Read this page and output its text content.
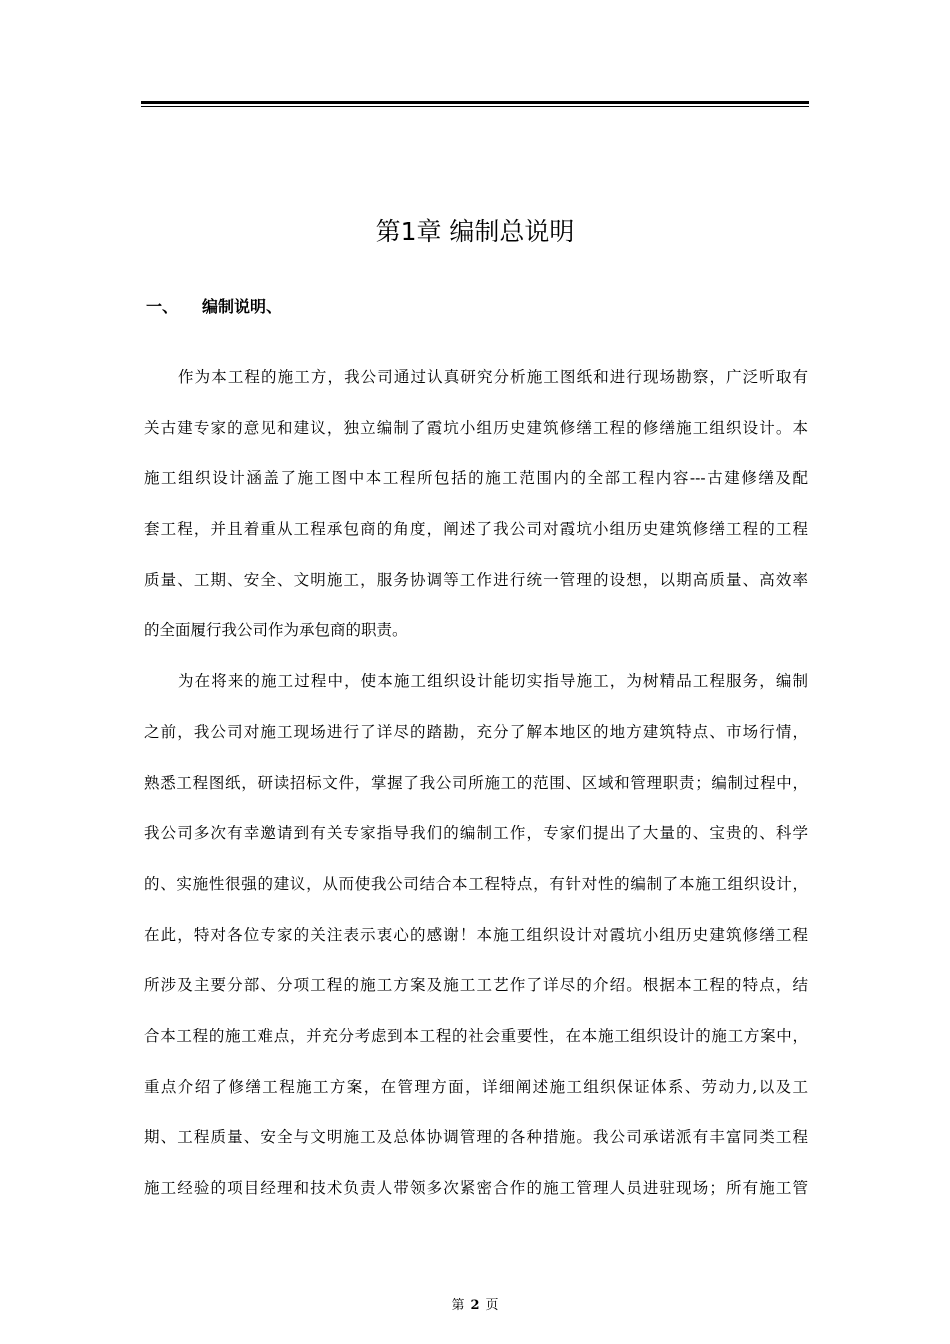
第1章 编制总说明
一、 编制说明、
作为本工程的施工方，我公司通过认真研究分析施工图纸和进行现场勘察，广泛听取有
关古建专家的意见和建议，独立编制了霞坑小组历史建筑修缮工程的修缮施工组织设计。本
施工组织设计涵盖了施工图中本工程所包括的施工范围内的全部工程内容---古建修缮及配
套工程，并且着重从工程承包商的角度，阐述了我公司对霞坑小组历史建筑修缮工程的工程
质量、工期、安全、文明施工，服务协调等工作进行统一管理的设想，以期高质量、高效率
的全面履行我公司作为承包商的职责。
为在将来的施工过程中，使本施工组织设计能切实指导施工，为树精品工程服务，编制
之前，我公司对施工现场进行了详尽的踏勘，充分了解本地区的地方建筑特点、市场行情，
熟悉工程图纸，研读招标文件，掌握了我公司所施工的范围、区域和管理职责；编制过程中，
我公司多次有幸邀请到有关专家指导我们的编制工作，专家们提出了大量的、宝贵的、科学
的、实施性很强的建议，从而使我公司结合本工程特点，有针对性的编制了本施工组织设计，
在此，特对各位专家的关注表示衷心的感谢！本施工组织设计对霞坑小组历史建筑修缮工程
所涉及主要分部、分项工程的施工方案及施工工艺作了详尽的介绍。根据本工程的特点，结
合本工程的施工难点，并充分考虑到本工程的社会重要性，在本施工组织设计的施工方案中，
重点介绍了修缮工程施工方案，在管理方面，详细阐述施工组织保证体系、劳动力,以及工
期、工程质量、安全与文明施工及总体协调管理的各种措施。我公司承诺派有丰富同类工程
施工经验的项目经理和技术负责人带领多次紧密合作的施工管理人员进驻现场；所有施工管
第 2 页
